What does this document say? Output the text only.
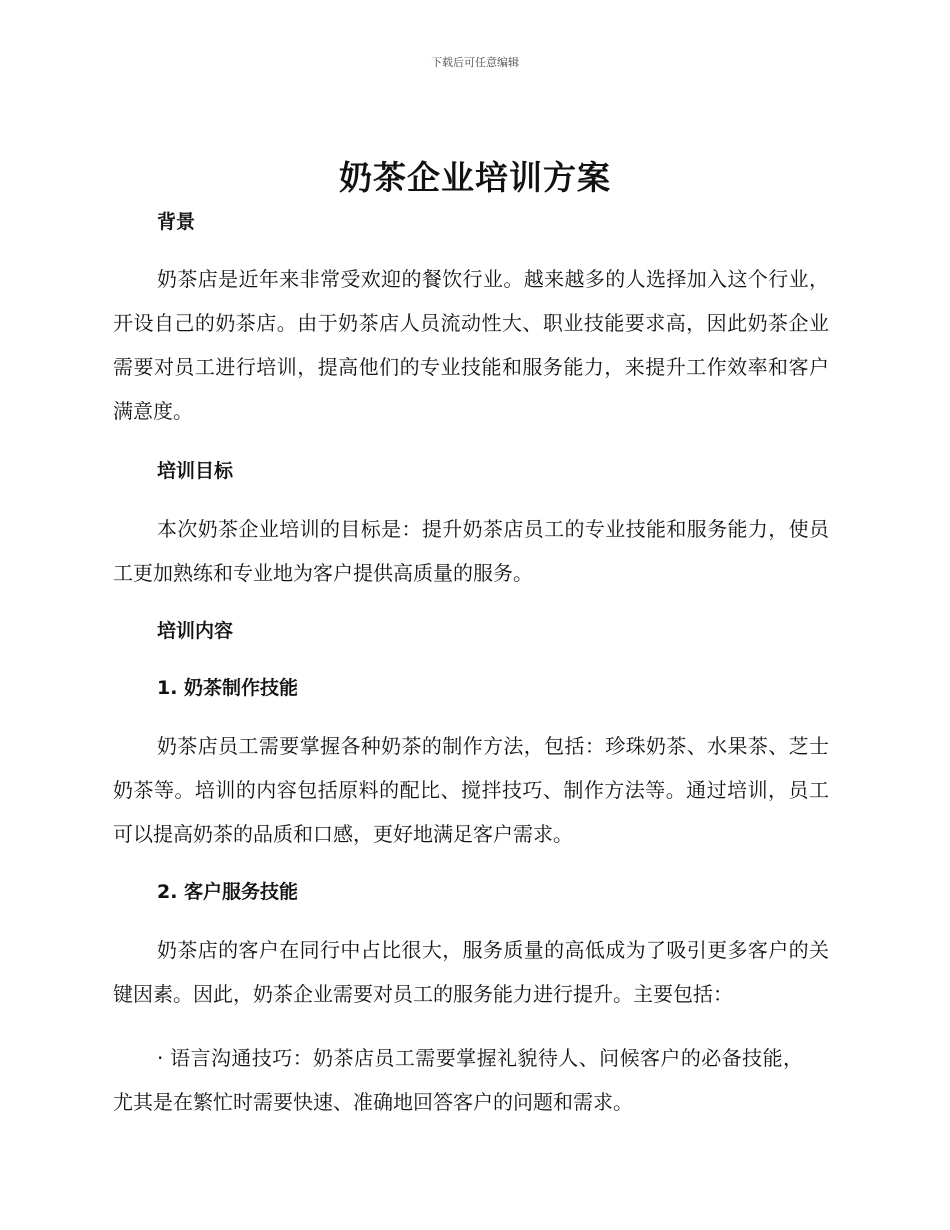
下载后可任意编辑
奶茶企业培训方案
背景
奶茶店是近年来非常受欢迎的餐饮行业。越来越多的人选择加入这个行业，开设自己的奶茶店。由于奶茶店人员流动性大、职业技能要求高，因此奶茶企业需要对员工进行培训，提高他们的专业技能和服务能力，来提升工作效率和客户满意度。
培训目标
本次奶茶企业培训的目标是：提升奶茶店员工的专业技能和服务能力，使员工更加熟练和专业地为客户提供高质量的服务。
培训内容
1. 奶茶制作技能
奶茶店员工需要掌握各种奶茶的制作方法，包括：珍珠奶茶、水果茶、芝士奶茶等。培训的内容包括原料的配比、搅拌技巧、制作方法等。通过培训，员工可以提高奶茶的品质和口感，更好地满足客户需求。
2. 客户服务技能
奶茶店的客户在同行中占比很大，服务质量的高低成为了吸引更多客户的关键因素。因此，奶茶企业需要对员工的服务能力进行提升。主要包括：
· 语言沟通技巧：奶茶店员工需要掌握礼貌待人、问候客户的必备技能，尤其是在繁忙时需要快速、准确地回答客户的问题和需求。
